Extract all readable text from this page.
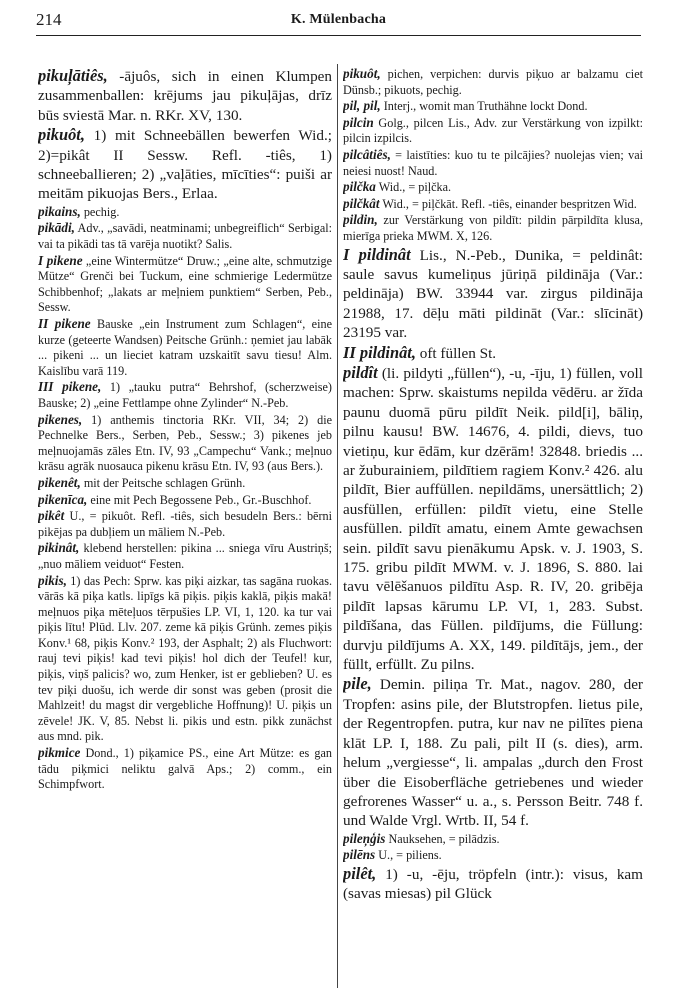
214	K. Mülenbacha
pikuļātiês, -ājuôs, sich in einen Klumpen zusammenballen: krējums jau pikuļājas, drīz būs sviestā Mar. n. RKr. XV, 130.
pikuôt, 1) mit Schneebällen bewerfen Wid.; 2)=pikât II Sessw. Refl. -tiês, 1) schneeballieren; 2) „vaļāties, mīcīties“: puiši ar meitām pikuojas Bers., Erlaa.
pikains, pechig.
pikādi, Adv., „savādi, neatminami; unbegreiflich“ Serbigal: vai ta pikādi tas tā varēja nuotikt? Salis.
I pikene „eine Wintermütze“ Druw.; „eine alte, schmutzige Mütze“ Grenči bei Tuckum, eine schmierige Ledermütze Schibbenhof; „lakats ar meļniem punktiem“ Serben, Peb., Sessw.
II pikene Bauske „ein Instrument zum Schlagen“, eine kurze (geteerte Wandsen) Peitsche Grünh.: ņemiet jau labāk ... pikeni ... un lieciet katram uzskaitīt savu tiesu! Alm. Kaislību varā 119.
III pikene, 1) „tauku putra“ Behrshof, (scherzweise) Bauske; 2) „eine Fettlampe ohne Zylinder“ N.-Peb.
pikenes, 1) anthemis tinctoria RKr. VII, 34; 2) die Pechnelke Bers., Serben, Peb., Sessw.; 3) pikenes jeb meļnuojamās zāles Etn. IV, 93 „Campechu“ Vank.; meļnuo krāsu agrāk nuosauca pikenu krāsu Etn. IV, 93 (aus Bers.).
pikenêt, mit der Peitsche schlagen Grünh.
pikenīca, eine mit Pech Begossene Peb., Gr.-Buschhof.
pikêt U., = pikuôt. Refl. -tiês, sich besudeln Bers.: bērni pikējas pa dubļiem un māliem N.-Peb.
pikinât, klebend herstellen: pikina ... sniega vīru Austriņš; „nuo māliem veiduot“ Festen.
pikis, 1) das Pech: Sprw. kas piķi aizkar, tas sagāna ruokas. vārās kā piķa katls. lipīgs kā piķis. piķis kaklā, piķis makā! meļnuos piķa mēteļuos tērpušies LP. VI, 1, 120. ka tur vai piķis lītu! Plūd. Llv. 207. zeme kā piķis Grünh. zemes piķis Konv.¹ 68, piķis Konv.² 193, der Asphalt; 2) als Fluchwort: rauj tevi piķis! kad tevi piķis! hol dich der Teufel! kur, piķis, viņš palicis? wo, zum Henker, ist er geblieben? U. es tev piķi duošu, ich werde dir sonst was geben (prosit die Mahlzeit! du magst dir vergebliche Hoffnung)! U. piķis un zēvele! JK. V, 85. Nebst li. pikis und estn. pikk zunächst aus mnd. pik.
pikmice Dond., 1) piķamice PS., eine Art Mütze: es gan tādu piķmici neliktu galvā Aps.; 2) comm., ein Schimpfwort.
pikuôt, pichen, verpichen: durvis piķuo ar balzamu ciet Dünsb.; pikuots, pechig.
pil, pil, Interj., womit man Truthähne lockt Dond.
pilcin Golg., pilcen Lis., Adv. zur Verstärkung von izpilkt: pilcin izpilcis.
pilcâtiês, = laistīties: kuo tu te pilcājies? nuolejas vien; vai neiesi nuost! Naud.
pilčka Wid., = piļčka.
pilčkât Wid., = piļčkāt. Refl. -tiês, einander bespritzen Wid.
pildin, zur Verstärkung von pildīt: pildin pārpildīta klusa, mierīga prieka MWM. X, 126.
I pildinât Lis., N.-Peb., Dunika, = peldinât: saule savus kumeliņus jūriņā pildināja (Var.: peldināja) BW. 33944 var. zirgus pildināja 21988, 17. dēļu māti pildināt (Var.: slīcināt) 23195 var.
II pildinât, oft füllen St.
pildît (li. pildyti „füllen“), -u, -īju, 1) füllen, voll machen: Sprw. skaistums nepilda vēdēru. ar žīda paunu duomā pūru pildīt Neik. pild[i], bāliņ, pilnu kausu! BW. 14676, 4. pildi, dievs, tuo vietiņu, kur ēdām, kur dzērām! 32848. briedis ... ar žuburainiem, pildītiem ragiem Konv.² 426. alu pildīt, Bier auffüllen. nepildāms, unersättlich; 2) ausfüllen, erfüllen: pildīt vietu, eine Stelle ausfüllen. pildīt amatu, einem Amte gewachsen sein. pildīt savu pienākumu Apsk. v. J. 1903, S. 175. gribu pildīt MWM. v. J. 1896, S. 880. lai tavu vēlēšanuos pildītu Asp. R. IV, 20. gribēja pildīt lapsas kārumu LP. VI, 1, 283. Subst. pildīšana, das Füllen. pildījums, die Füllung: durvju pildījums A. XX, 149. pildītājs, jem., der füllt, erfüllt. Zu pilns.
pile, Demin. piliņa Tr. Mat., nagov. 280, der Tropfen: asins pile, der Blutstropfen. lietus pile, der Regentropfen. putra, kur nav ne pilītes piena klāt LP. I, 188. Zu pali, pilt II (s. dies), arm. helum „vergiesse“, li. ampalas „durch den Frost über die Eisoberfläche getriebenes und wieder gefrorenes Wasser“ u. a., s. Persson Beitr. 748 f. und Walde Vrgl. Wrtb. II, 54 f.
pileņģis Nauksehen, = pilādzis.
pilēns U., = piliens.
pilêt, 1) -u, -ēju, tröpfeln (intr.): visus, kam (savas miesas) pil Glück
